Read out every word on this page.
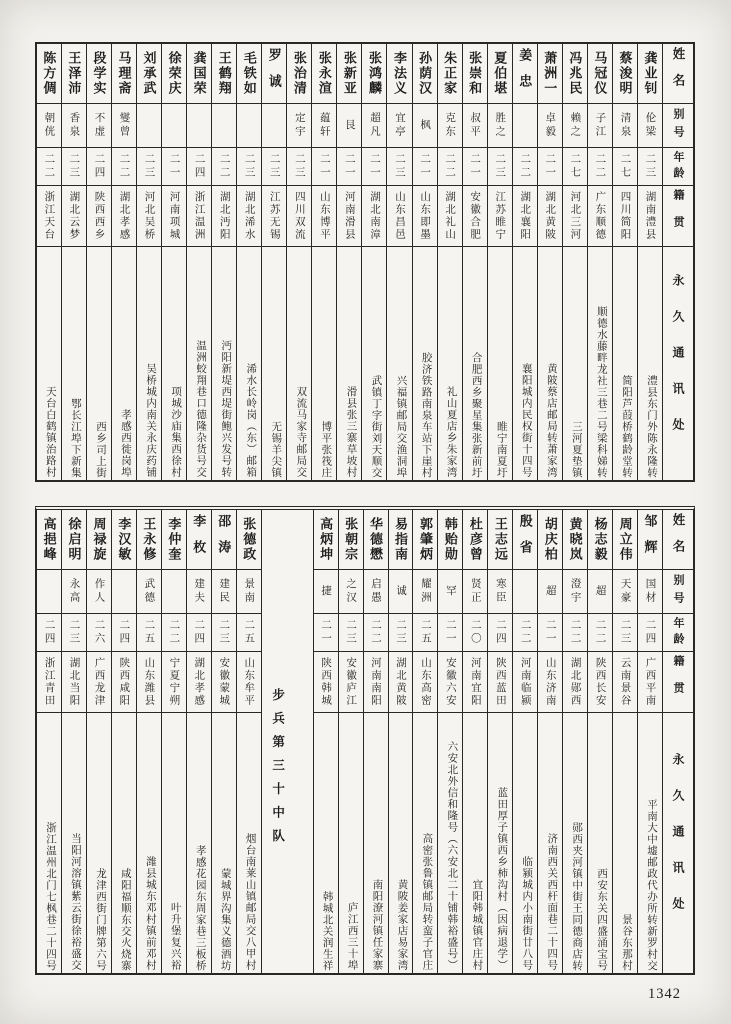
姓名
别号
年龄
籍贯
永久通讯处
龚业钊
伦梁
二三
湖南澧县
澧县东门外陈永隆转
蔡浚明
清泉
二七
四川简阳
简阳芦葭桥鹤龄堂转
马冠仪
子江
二二
广东顺德
顺德水藤畔龙社三巷二号梁科娣转
冯兆民
赖之
二七
河北三河
三河夏垫镇
萧洲一
卓毅
二一
湖北黄陂
黄陂蔡店邮局转萧家湾
姜忠
二二
湖北襄阳
襄阳城内民权街十四号
夏伯堪
胜之
二三
江苏睢宁
睢宁南夏圩
张崇和
叔平
二一
安徽合肥
合肥西乡聚星集张新前圩
朱正家
克东
二二
湖北礼山
礼山夏店乡朱家湾
孙荫汉
枫
二一
山东即墨
胶济铁路南泉车站下崖村
李法义
宜亭
二三
山东昌邑
兴福镇邮局交渔洞埠
张鸿麟
超凡
二一
湖北南漳
武镇丁字街刘天顺交
张新亚
艮
二一
河南滑县
滑县张三寨草坡村
张永渲
蕴轩
二一
山东博平
博平张筏庄
张治清
定宇
二三
四川双流
双流马家寺邮局交
罗诚
二三
江苏无锡
无锡羊尖镇
毛铁如
二三
湖北浠水
浠水长岭岗（东）邮箱
王鹤翔
二二
湖北沔阳
沔阳新堤西堤街鲍兴发号转
龚国荣
二四
浙江温洲
温洲蛟翔巷口德隆杂货号交
徐荣庆
二一
河南项城
项城沙庙集西徐村
刘承武
二三
河北吴桥
吴桥城内南关永庆药铺
马理斋
燮曾
二二
湖北孝感
孝感西徙岗埠
段学实
不虚
二四
陕西西乡
西乡司上街
王泽沛
香泉
二三
湖北云梦
鄂长江埠下新集
陈方倜
朝侊
二二
浙江天台
天台白鹤镇治路村
姓名
别号
年龄
籍贯
永久通讯处
邹辉
国材
二四
广西平南
平南大中墟邮政代办所转新罗村交
周立伟
天豪
二三
云南景谷
景谷东那村
杨志毅
超
二二
陕西长安
西安东关四盛涌宝号
黄晓岚
澄宇
二二
湖北郧西
郧西夹河镇中街王同德商店转
胡庆柏
超
二一
山东济南
济南西关西杆面巷二十四号
殷省
二二
河南临颍
临颍城内小南街廿八号
王志远
寒臣
二四
陕西蓝田
蓝田厚子镇西乡柿沟村（因病退学）
杜彦曾
贤正
二〇
河南宜阳
宜阳韩城镇官庄村
韩贻勋
罕
二一
安徽六安
六安北外信和隆号（六安北二十铺韩裕盛号）
郭肇炳
耀洲
二五
山东高密
高密张鲁镇邮局转蛮子官庄
易指南
诚
二三
湖北黄陂
黄陂姜家店易家湾
华德懋
启愚
二二
河南南阳
南阳潦河镇任家寨
张朝宗
之汉
二三
安徽庐江
庐江西三十埠
高炳坤
捷
二一
陕西韩城
韩城北关润生祥
步兵第三十中队
张德政
景南
二五
山东牟平
烟台南莱山镇邮局交八甲村
邵涛
建民
二三
安徽蒙城
蒙城界沟集义德酒坊
李枚
建夫
二四
湖北孝感
孝感花园东周家巷三板桥
李仲奎
二二
宁夏宁朔
叶升堡复兴裕
王永修
武德
二五
山东潍县
潍县城东邓村镇前邓村
李汉敏
二四
陕西咸阳
咸阳福顺东交火烧寨
周禄旋
作人
二六
广西龙津
龙津西街门牌第六号
徐启明
永高
二三
湖北当阳
当阳河溶镇紫云街徐裕盛交
高挹峰
二四
浙江青田
浙江温州北门七枫巷二十四号
1342
